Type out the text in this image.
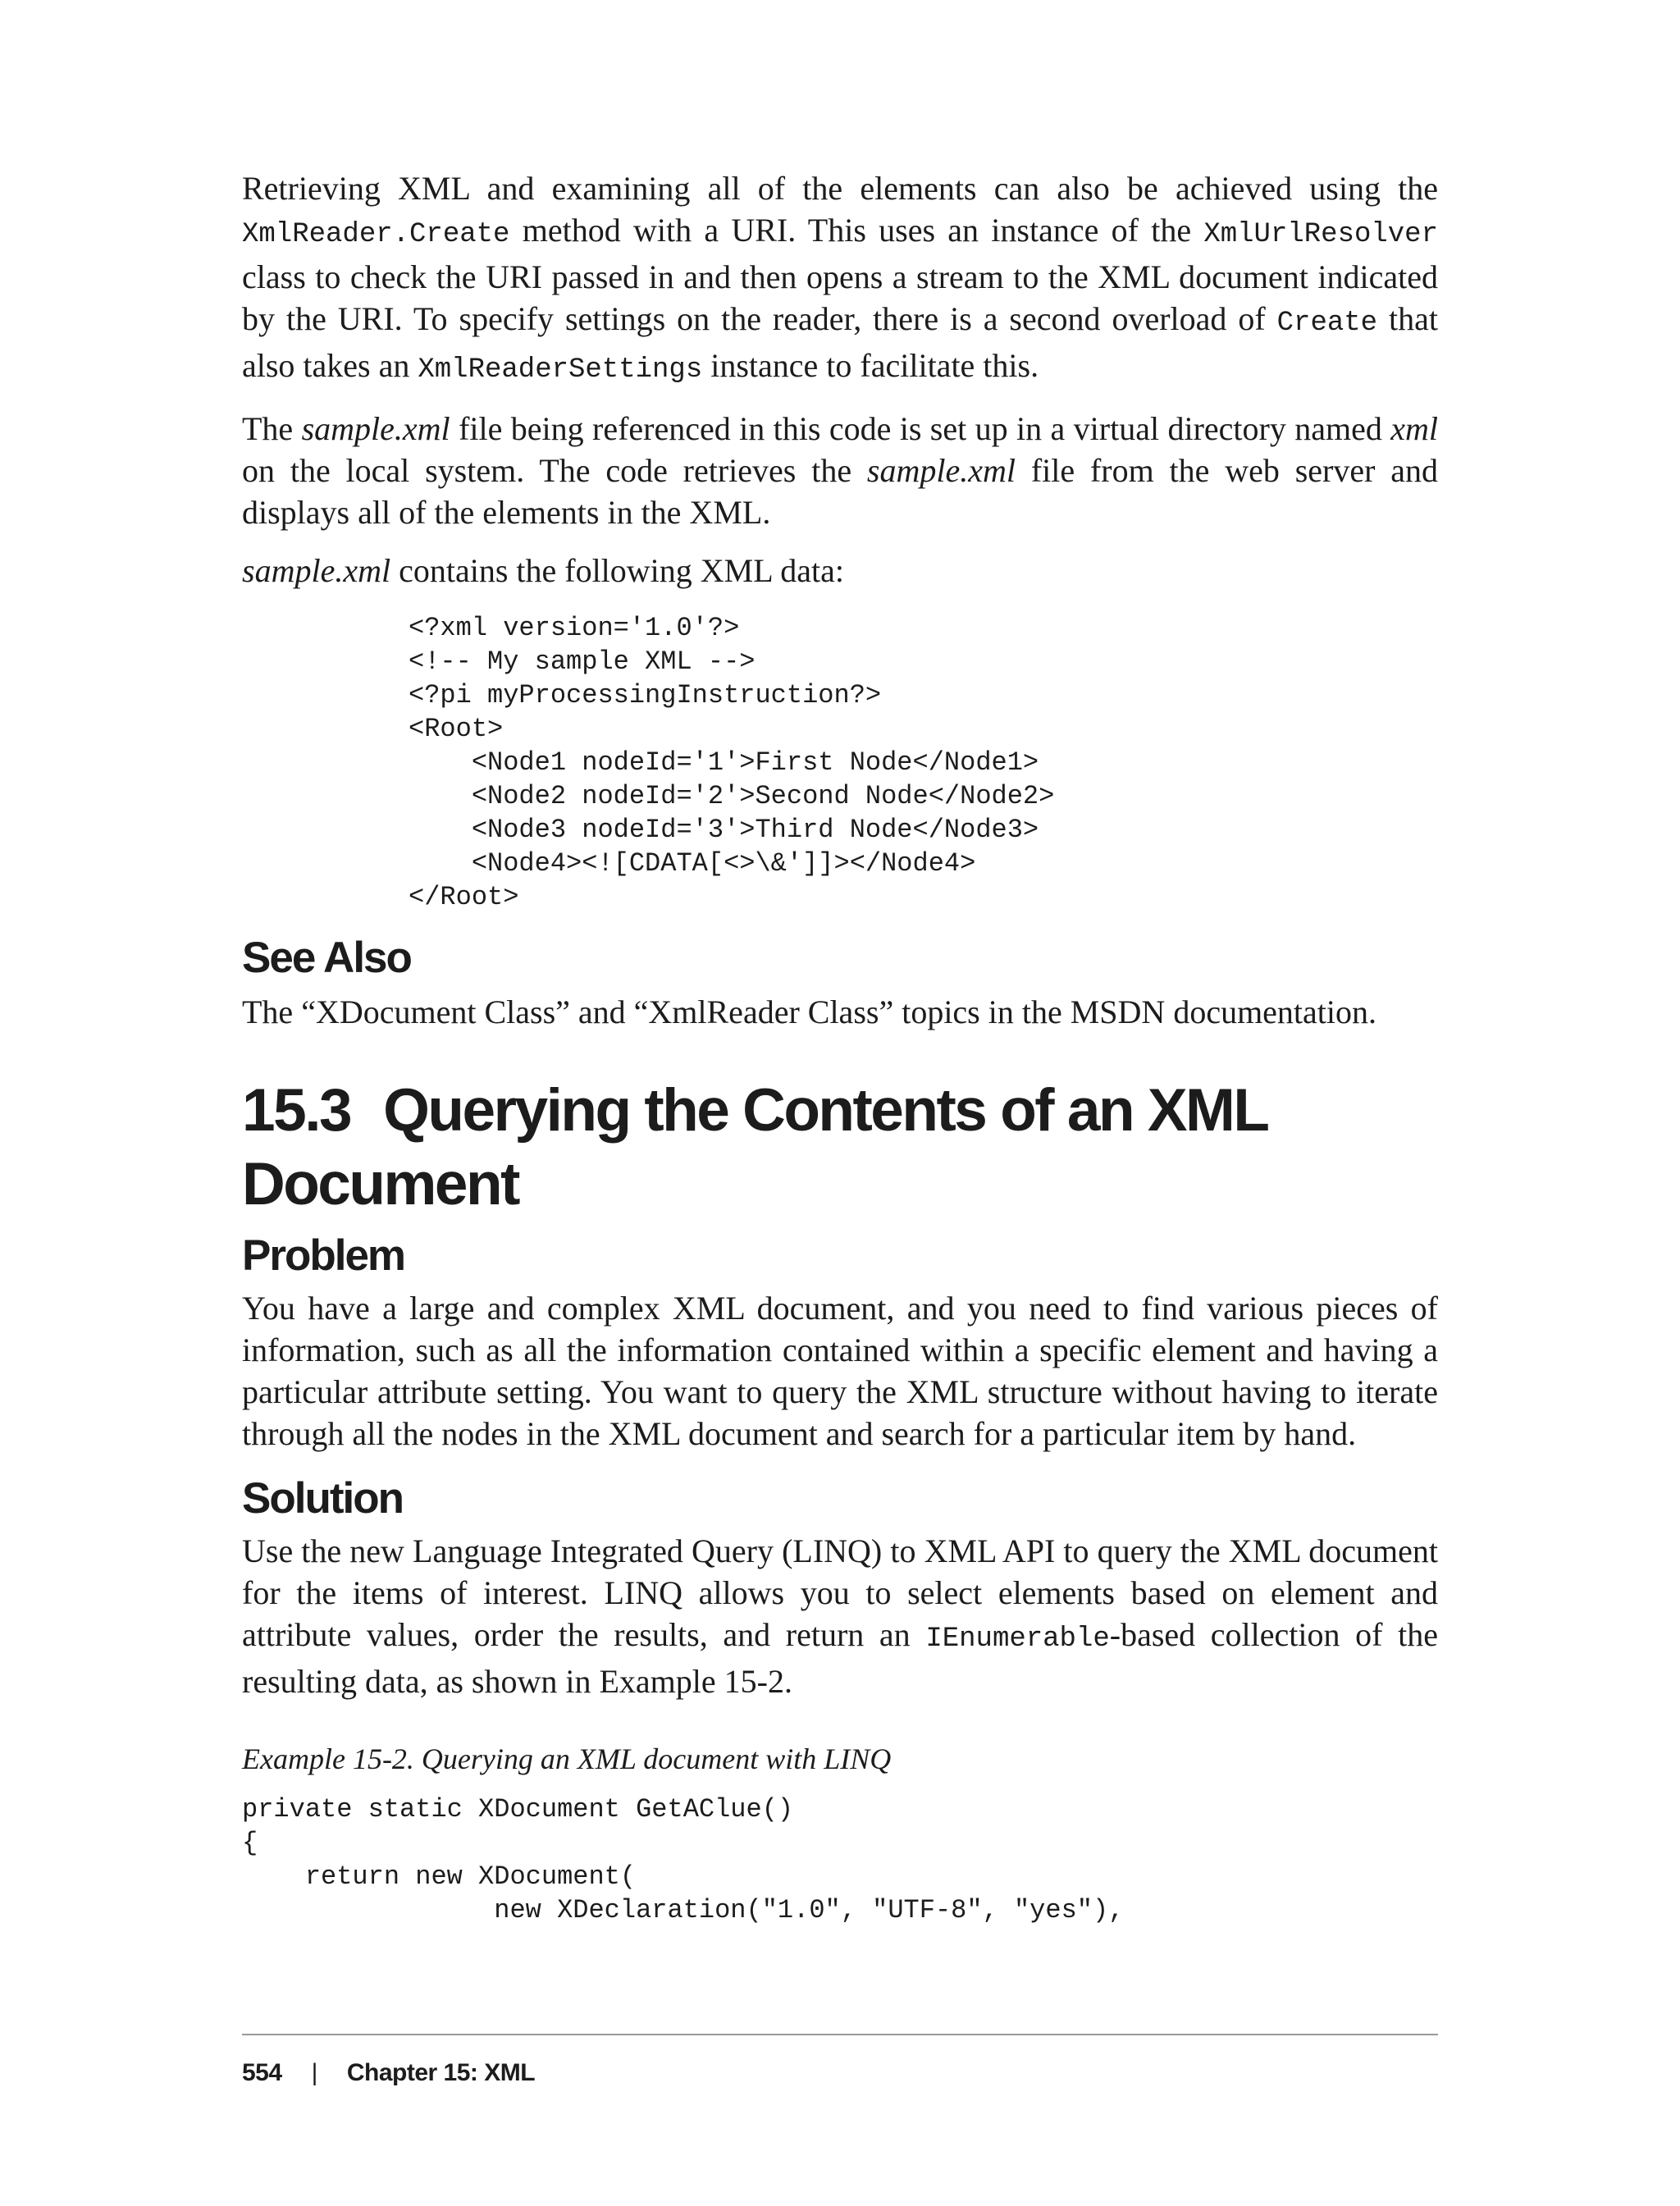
Retrieving XML and examining all of the elements can also be achieved using the XmlReader.Create method with a URI. This uses an instance of the XmlUrlResolver class to check the URI passed in and then opens a stream to the XML document indicated by the URI. To specify settings on the reader, there is a second overload of Create that also takes an XmlReaderSettings instance to facilitate this.

The sample.xml file being referenced in this code is set up in a virtual directory named xml on the local system. The code retrieves the sample.xml file from the web server and displays all of the elements in the XML.

sample.xml contains the following XML data:

<?xml version='1.0'?>
<!-- My sample XML -->
<?pi myProcessingInstruction?>
<Root>
<Node1 nodeId='1'>First Node</Node1>
<Node2 nodeId='2'>Second Node</Node2>
<Node3 nodeId='3'>Third Node</Node3>
<Node4><![CDATA[<>\&']]></Node4>
</Root>
See Also

The “XDocument Class” and “XmlReader Class” topics in the MSDN documentation.

15.3 Querying the Contents of an XML Document
Problem

You have a large and complex XML document, and you need to find various pieces of information, such as all the information contained within a specific element and having a particular attribute setting. You want to query the XML structure without having to iterate through all the nodes in the XML document and search for a particular item by hand.

Solution

Use the new Language Integrated Query (LINQ) to XML API to query the XML document for the items of interest. LINQ allows you to select elements based on element and attribute values, order the results, and return an IEnumerable-based collection of the resulting data, as shown in Example 15-2.

Example 15-2. Querying an XML document with LINQ

private static XDocument GetAClue()
{
return new XDocument(
new XDeclaration("1.0", "UTF-8", "yes"),
554 | Chapter 15: XML
